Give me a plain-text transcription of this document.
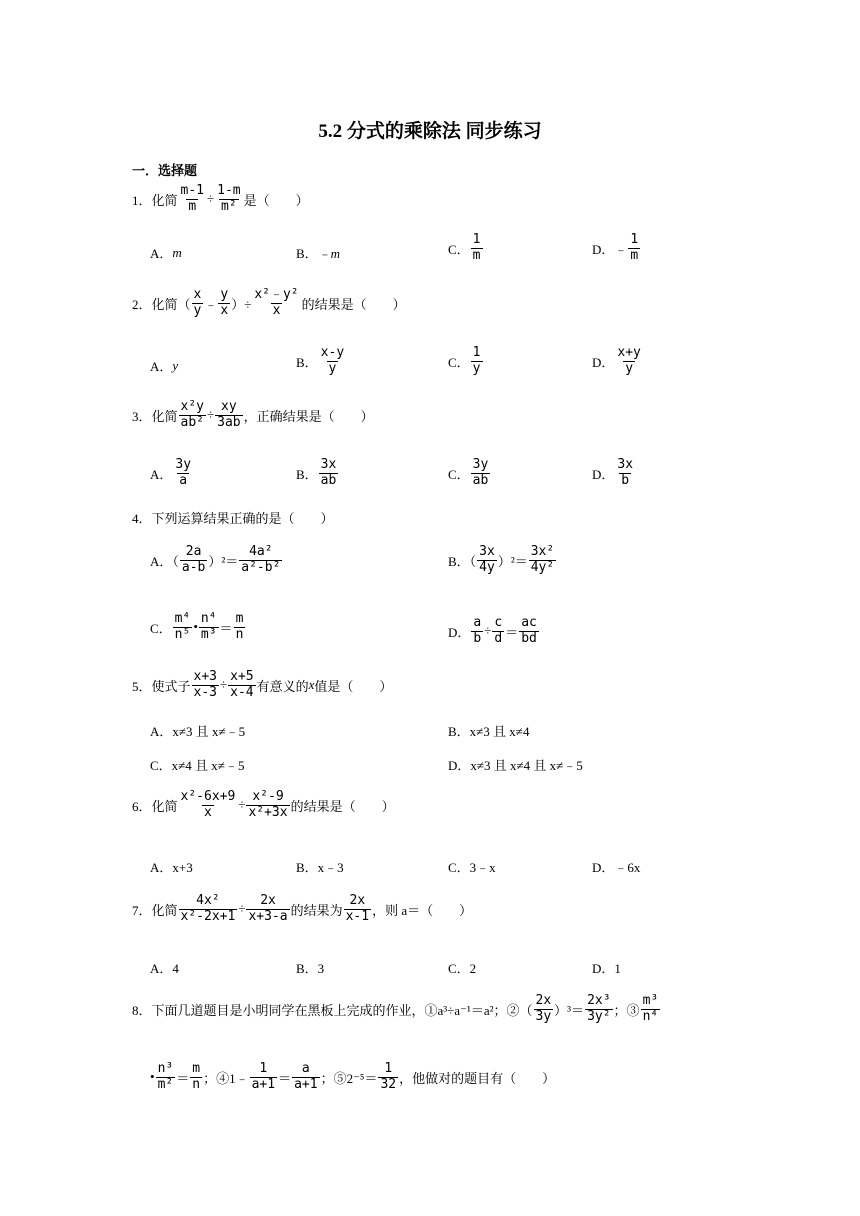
5.2 分式的乘除法 同步练习
一．选择题
1．化简 $\frac{m-1}{m} \div \frac{1-m}{\text{m²}}$ 是（　　）
A． m	B． ﹣m	C． $\frac{1}{m}$	D． ﹣ $\frac{1}{m}$
2．化简（ $\frac{x}{y}$ ﹣ $\frac{y}{x}$ ）÷ $\frac{\text{x²﹣y²}}{x}$ 的结果是（　　）
A． y	B． $\frac{x-y}{y}$	C． $\frac{1}{y}$	D． $\frac{x+y}{y}$
3．化简 $\frac{\text{x²y}}{\text{ab²}} \div \frac{xy}{3ab}$ ，正确结果是（　　）
A． $\frac{3y}{a}$	B． $\frac{3x}{ab}$	C． $\frac{3y}{ab}$	D． $\frac{3x}{b}$
4．下列运算结果正确的是（　　）
A．（ $\frac{2a}{a-b} )^2= \frac{\text{4a²}}{\text{a²-b²}}$	B．（ $\frac{3x}{4y} )^2= \frac{\text{3x²}}{\text{4y²}}$
C． $\frac{\text{m⁴}}{\text{n⁵}}$ • $\frac{\text{n⁴}}{\text{m³}} = \frac{m}{n}$	D． $\frac{a}{b} \div \frac{c}{d} = \frac{ac}{bd}$
5．使式子 $\frac{x+3}{x-3} \div \frac{x+5}{x-4}$ 有意义的 x 值是（　　）
A．x≠3 且 x≠﹣5	B．x≠3 且 x≠4
C．x≠4 且 x≠﹣5	D．x≠3 且 x≠4 且 x≠﹣5
6．化简 $\frac{\text{x²-6x+9}}{x} \div \frac{\text{x²-9}}{\text{x²+3x}}$ 的结果是（　　）
A．x+3	B．x﹣3	C．3﹣x	D．﹣6x
7．化简 $\frac{\text{4x²}}{\text{x²-2x+1}} \div \frac{2x}{x+3-a}$ 的结果为 $\frac{2x}{x-1}$ ，则 a＝（　　）
A．4	B．3	C．2	D．1
8．下面几道题目是小明同学在黑板上完成的作业，①a³÷a⁻¹＝a²；②（ $\frac{2x}{3y} )^3= \frac{\text{2x³}}{\text{3y²}}$ ；③ $\frac{\text{m³}}{\text{n⁴}}$
• $\frac{\text{n³}}{\text{m²}} = \frac{m}{n}$ ；④1﹣ $\frac{1}{a+1} = \frac{a}{a+1}$ ；⑤2⁻⁵＝ $\frac{1}{32}$ ，他做对的题目有（　　）
